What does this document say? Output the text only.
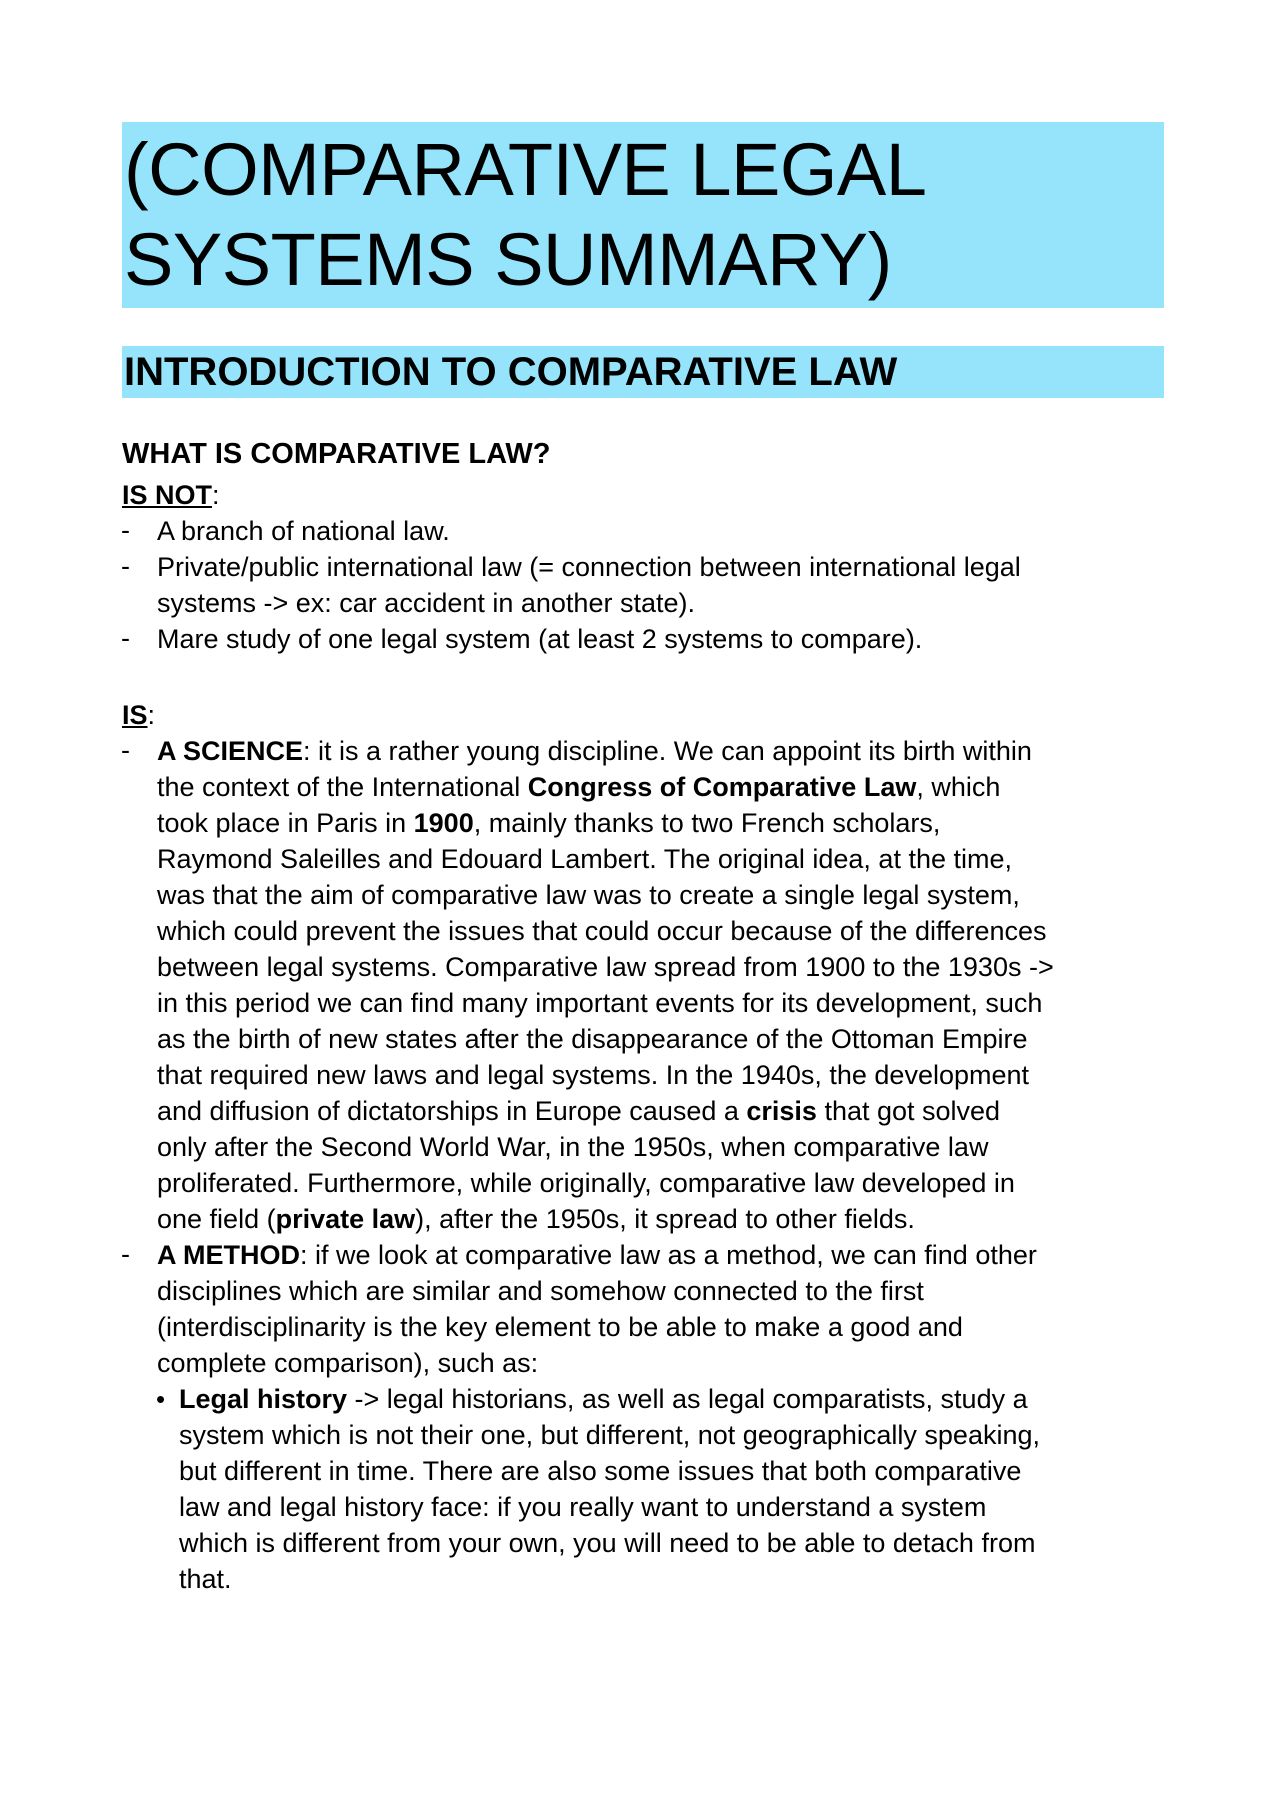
(COMPARATIVE LEGAL
SYSTEMS SUMMARY)
INTRODUCTION TO COMPARATIVE LAW
WHAT IS COMPARATIVE LAW?
IS NOT:
- A branch of national law.
- Private/public international law (= connection between international legal
systems -> ex: car accident in another state).
- Mare study of one legal system (at least 2 systems to compare).
IS:
- A SCIENCE: it is a rather young discipline. We can appoint its birth within
the context of the International Congress of Comparative Law, which
took place in Paris in 1900, mainly thanks to two French scholars,
Raymond Saleilles and Edouard Lambert. The original idea, at the time,
was that the aim of comparative law was to create a single legal system,
which could prevent the issues that could occur because of the differences
between legal systems. Comparative law spread from 1900 to the 1930s ->
in this period we can find many important events for its development, such
as the birth of new states after the disappearance of the Ottoman Empire
that required new laws and legal systems. In the 1940s, the development
and diffusion of dictatorships in Europe caused a crisis that got solved
only after the Second World War, in the 1950s, when comparative law
proliferated. Furthermore, while originally, comparative law developed in
one field (private law), after the 1950s, it spread to other fields.
- A METHOD: if we look at comparative law as a method, we can find other
disciplines which are similar and somehow connected to the first
(interdisciplinarity is the key element to be able to make a good and
complete comparison), such as:
• Legal history -> legal historians, as well as legal comparatists, study a
system which is not their one, but different, not geographically speaking,
but different in time. There are also some issues that both comparative
law and legal history face: if you really want to understand a system
which is different from your own, you will need to be able to detach from
that.
